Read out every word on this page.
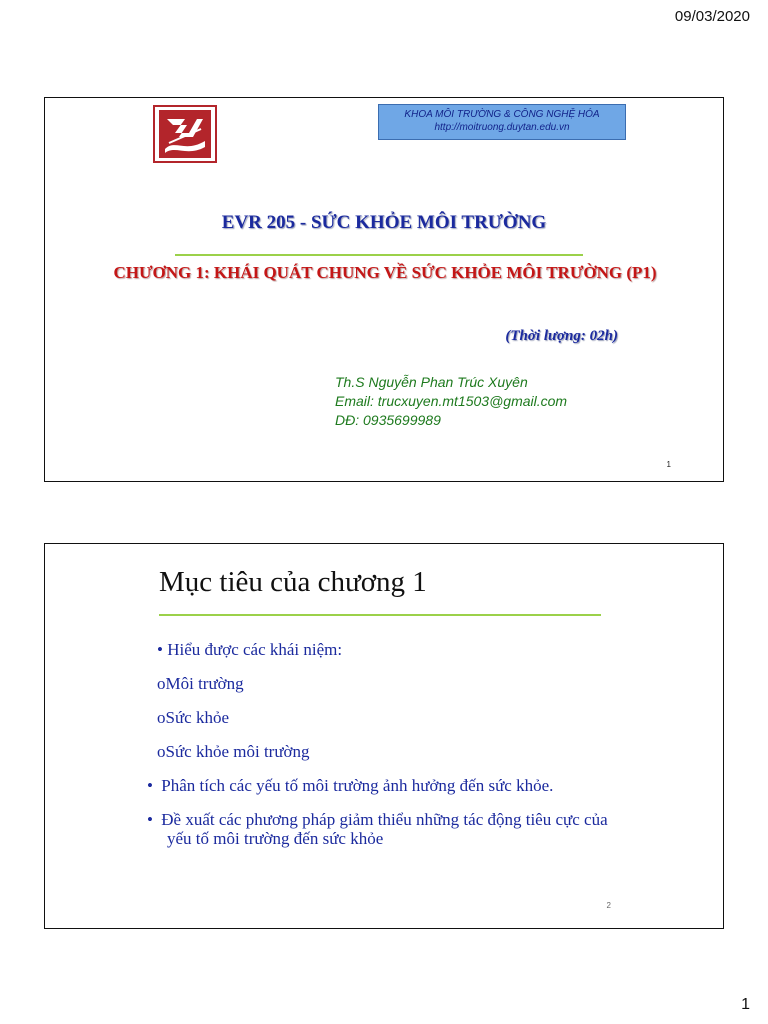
09/03/2020
KHOA MÔI TRƯỜNG & CÔNG NGHỆ HÓA
http://moitruong.duytan.edu.vn
EVR 205 - SỨC KHỎE MÔI TRƯỜNG
CHƯƠNG 1: KHÁI QUÁT CHUNG VỀ SỨC KHỎE MÔI TRƯỜNG (P1)
(Thời lượng: 02h)
Th.S Nguyễn Phan Trúc Xuyên
Email: trucxuyen.mt1503@gmail.com
DĐ: 0935699989
1
Mục tiêu của chương 1
• Hiểu được các khái niệm:
oMôi trường
oSức khỏe
oSức khỏe môi trường
• Phân tích các yếu tố môi trường ảnh hưởng đến sức khỏe.
• Đề xuất các phương pháp giảm thiểu những tác động tiêu cực của yếu tố môi trường đến sức khỏe
2
1
